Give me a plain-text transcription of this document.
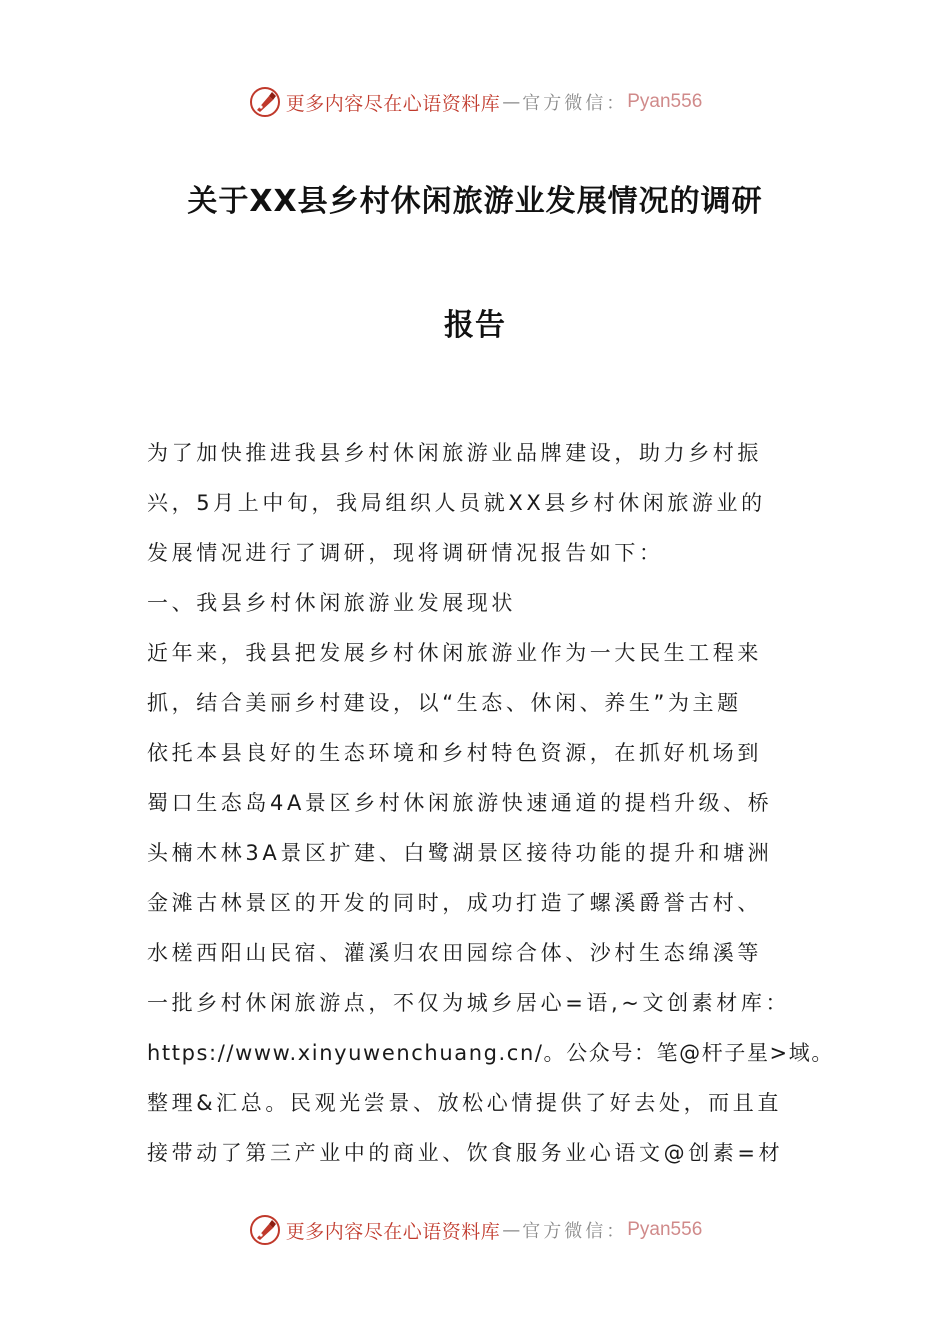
更多内容尽在心语资料库 — 官方微信： Pyan556
关于XX县乡村休闲旅游业发展情况的调研
报告

为了加快推进我县乡村休闲旅游业品牌建设，助力乡村振

兴，5月上中旬，我局组织人员就XX县乡村休闲旅游业的

发展情况进行了调研，现将调研情况报告如下：

一、我县乡村休闲旅游业发展现状

近年来，我县把发展乡村休闲旅游业作为一大民生工程来

抓，结合美丽乡村建设，以“生态、休闲、养生”为主题

依托本县良好的生态环境和乡村特色资源，在抓好机场到

蜀口生态岛4A景区乡村休闲旅游快速通道的提档升级、桥

头楠木林3A景区扩建、白鹭湖景区接待功能的提升和塘洲

金滩古林景区的开发的同时，成功打造了螺溪爵誉古村、

水槎西阳山民宿、灌溪归农田园综合体、沙村生态绵溪等

一批乡村休闲旅游点，不仅为城乡居心=语,~文创素材库：

https://www.xinyuwenchuang.cn/。公众号：笔@杆子星>域。

整理&汇总。民观光尝景、放松心情提供了好去处，而且直

接带动了第三产业中的商业、饮食服务业心语文@创素=材

更多内容尽在心语资料库 — 官方微信： Pyan556
